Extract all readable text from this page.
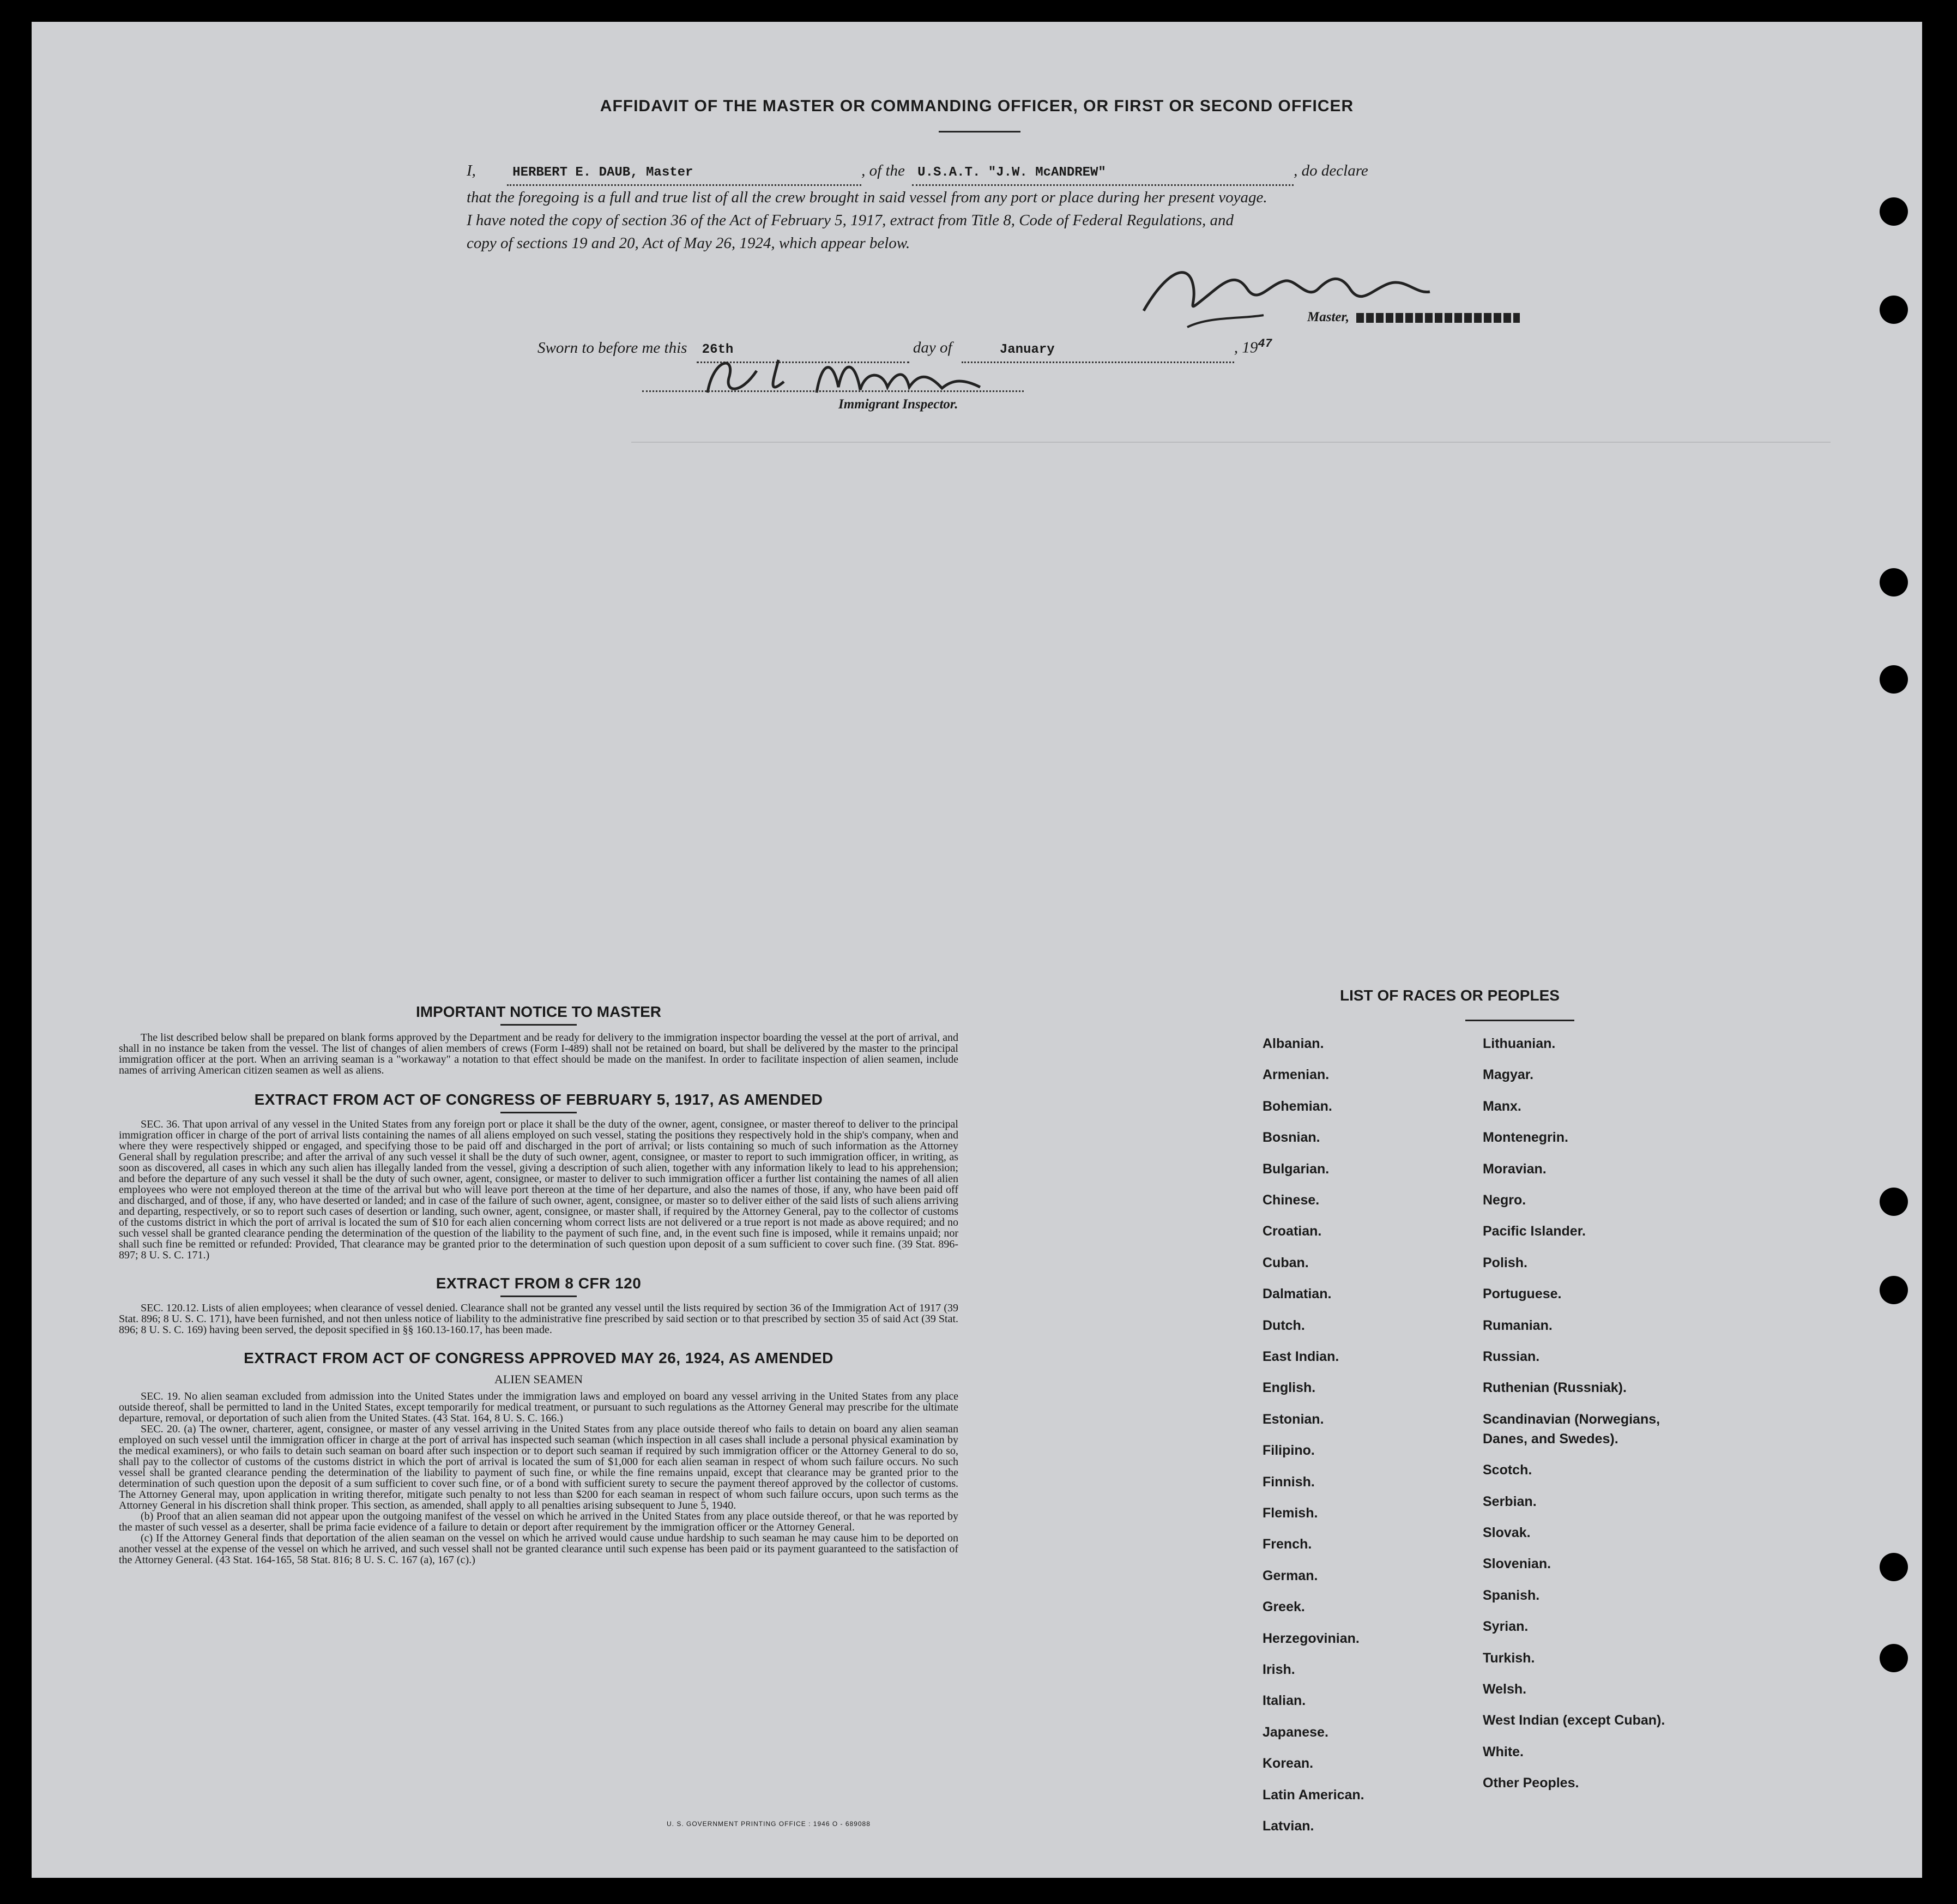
AFFIDAVIT OF THE MASTER OR COMMANDING OFFICER, OR FIRST OR SECOND OFFICER
I,	HERBERT E. DAUB, Master	, of the U.S.A.T. "J.W. McANDREW"	, do declare
that the foregoing is a full and true list of all the crew brought in said vessel from any port or place during her present voyage.
I have noted the copy of section 36 of the Act of February 5, 1917, extract from Title 8, Code of Federal Regulations, and
copy of sections 19 and 20, Act of May 26, 1924, which appear below.
Master,
Sworn to before me this 26th	day of	January	, $19^{47}$
Immigrant Inspector.
IMPORTANT NOTICE TO MASTER

The list described below shall be prepared on blank forms approved by the Department and be ready for delivery to the immigration inspector boarding the vessel at the port of arrival, and shall in no instance be taken from the vessel. The list of changes of alien members of crews (Form I-489) shall not be retained on board, but shall be delivered by the master to the principal immigration officer at the port. When an arriving seaman is a "workaway" a notation to that effect should be made on the manifest. In order to facilitate inspection of alien seamen, include names of arriving American citizen seamen as well as aliens.

EXTRACT FROM ACT OF CONGRESS OF FEBRUARY 5, 1917, AS AMENDED

SEC. 36. That upon arrival of any vessel in the United States from any foreign port or place it shall be the duty of the owner, agent, consignee, or master thereof to deliver to the principal immigration officer in charge of the port of arrival lists containing the names of all aliens employed on such vessel, stating the positions they respectively hold in the ship's company, when and where they were respectively shipped or engaged, and specifying those to be paid off and discharged in the port of arrival; or lists containing so much of such information as the Attorney General shall by regulation prescribe; and after the arrival of any such vessel it shall be the duty of such owner, agent, consignee, or master to report to such immigration officer, in writing, as soon as discovered, all cases in which any such alien has illegally landed from the vessel, giving a description of such alien, together with any information likely to lead to his apprehension; and before the departure of any such vessel it shall be the duty of such owner, agent, consignee, or master to deliver to such immigration officer a further list containing the names of all alien employees who were not employed thereon at the time of the arrival but who will leave port thereon at the time of her departure, and also the names of those, if any, who have been paid off and discharged, and of those, if any, who have deserted or landed; and in case of the failure of such owner, agent, consignee, or master so to deliver either of the said lists of such aliens arriving and departing, respectively, or so to report such cases of desertion or landing, such owner, agent, consignee, or master shall, if required by the Attorney General, pay to the collector of customs of the customs district in which the port of arrival is located the sum of $10 for each alien concerning whom correct lists are not delivered or a true report is not made as above required; and no such vessel shall be granted clearance pending the determination of the question of the liability to the payment of such fine, and, in the event such fine is imposed, while it remains unpaid; nor shall such fine be remitted or refunded: Provided, That clearance may be granted prior to the determination of such question upon deposit of a sum sufficient to cover such fine. (39 Stat. 896-897; 8 U. S. C. 171.)

EXTRACT FROM 8 CFR 120

SEC. 120.12. Lists of alien employees; when clearance of vessel denied. Clearance shall not be granted any vessel until the lists required by section 36 of the Immigration Act of 1917 (39 Stat. 896; 8 U. S. C. 171), have been furnished, and not then unless notice of liability to the administrative fine prescribed by said section or to that prescribed by section 35 of said Act (39 Stat. 896; 8 U. S. C. 169) having been served, the deposit specified in §§ 160.13-160.17, has been made.

EXTRACT FROM ACT OF CONGRESS APPROVED MAY 26, 1924, AS AMENDED
ALIEN SEAMEN

SEC. 19. No alien seaman excluded from admission into the United States under the immigration laws and employed on board any vessel arriving in the United States from any place outside thereof, shall be permitted to land in the United States, except temporarily for medical treatment, or pursuant to such regulations as the Attorney General may prescribe for the ultimate departure, removal, or deportation of such alien from the United States. (43 Stat. 164, 8 U. S. C. 166.)

SEC. 20. (a) The owner, charterer, agent, consignee, or master of any vessel arriving in the United States from any place outside thereof who fails to detain on board any alien seaman employed on such vessel until the immigration officer in charge at the port of arrival has inspected such seaman (which inspection in all cases shall include a personal physical examination by the medical examiners), or who fails to detain such seaman on board after such inspection or to deport such seaman if required by such immigration officer or the Attorney General to do so, shall pay to the collector of customs of the customs district in which the port of arrival is located the sum of $1,000 for each alien seaman in respect of whom such failure occurs. No such vessel shall be granted clearance pending the determination of the liability to payment of such fine, or while the fine remains unpaid, except that clearance may be granted prior to the determination of such question upon the deposit of a sum sufficient to cover such fine, or of a bond with sufficient surety to secure the payment thereof approved by the collector of customs. The Attorney General may, upon application in writing therefor, mitigate such penalty to not less than $200 for each seaman in respect of whom such failure occurs, upon such terms as the Attorney General in his discretion shall think proper. This section, as amended, shall apply to all penalties arising subsequent to June 5, 1940.

(b) Proof that an alien seaman did not appear upon the outgoing manifest of the vessel on which he arrived in the United States from any place outside thereof, or that he was reported by the master of such vessel as a deserter, shall be prima facie evidence of a failure to detain or deport after requirement by the immigration officer or the Attorney General.

(c) If the Attorney General finds that deportation of the alien seaman on the vessel on which he arrived would cause undue hardship to such seaman he may cause him to be deported on another vessel at the expense of the vessel on which he arrived, and such vessel shall not be granted clearance until such expense has been paid or its payment guaranteed to the satisfaction of the Attorney General. (43 Stat. 164-165, 58 Stat. 816; 8 U. S. C. 167 (a), 167 (c).)

U. S. GOVERNMENT PRINTING OFFICE : 1946 O - 689088
LIST OF RACES OR PEOPLES
Albanian.
Armenian.
Bohemian.
Bosnian.
Bulgarian.
Chinese.
Croatian.
Cuban.
Dalmatian.
Dutch.
East Indian.
English.
Estonian.
Filipino.
Finnish.
Flemish.
French.
German.
Greek.
Herzegovinian.
Irish.
Italian.
Japanese.
Korean.
Latin American.
Latvian.
Lithuanian.
Magyar.
Manx.
Montenegrin.
Moravian.
Negro.
Pacific Islander.
Polish.
Portuguese.
Rumanian.
Russian.
Ruthenian (Russniak).
Scandinavian (Norwegians,
Danes, and Swedes).
Scotch.
Serbian.
Slovak.
Slovenian.
Spanish.
Syrian.
Turkish.
Welsh.
West Indian (except Cuban).
White.
Other Peoples.
